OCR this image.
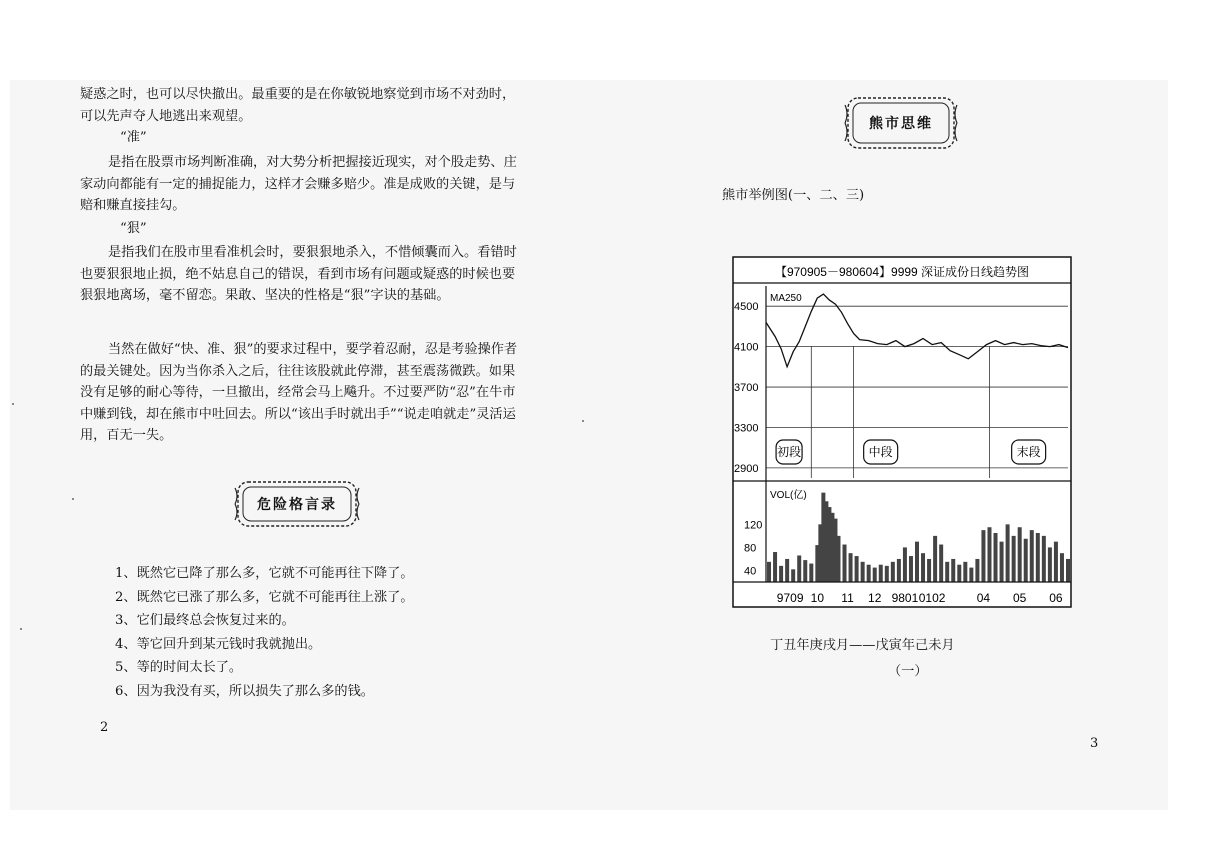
疑惑之时，也可以尽快撤出。最重要的是在你敏锐地察觉到市场不对劲时，可以先声夺人地逃出来观望。

“准”

是指在股票市场判断准确，对大势分析把握接近现实，对个股走势、庄家动向都能有一定的捕捉能力，这样才会赚多赔少。准是成败的关键，是与赔和赚直接挂勾。

“狠”

是指我们在股市里看准机会时，要狠狠地杀入，不惜倾囊而入。看错时也要狠狠地止损，绝不姑息自己的错误，看到市场有问题或疑惑的时候也要狠狠地离场，毫不留恋。果敢、坚决的性格是“狠”字诀的基础。

当然在做好“快、准、狠”的要求过程中，要学着忍耐，忍是考验操作者的最关键处。因为当你杀入之后，往往该股就此停滞，甚至震荡微跌。如果没有足够的耐心等待，一旦撤出，经常会马上飚升。不过要严防“忍”在牛市中赚到钱，却在熊市中吐回去。所以“该出手时就出手”“说走咱就走”灵活运用，百无一失。

危险格言录
1、既然它已降了那么多，它就不可能再往下降了。
2、既然它已涨了那么多，它就不可能再往上涨了。
3、它们最终总会恢复过来的。
4、等它回升到某元钱时我就抛出。
5、等的时间太长了。
6、因为我没有买，所以损失了那么多的钱。
2
熊市思维
熊市举例图(一、二、三)
【970905－980604】9999 深证成份日线趋势图
MA250
VOL(亿)
4500
4100
3700
3300
2900
120
80
40
初段	中段	末段
9709 10 11 12 9801 0102	04 05 06
丁丑年庚戌月——戊寅年己未月
（一）
3
